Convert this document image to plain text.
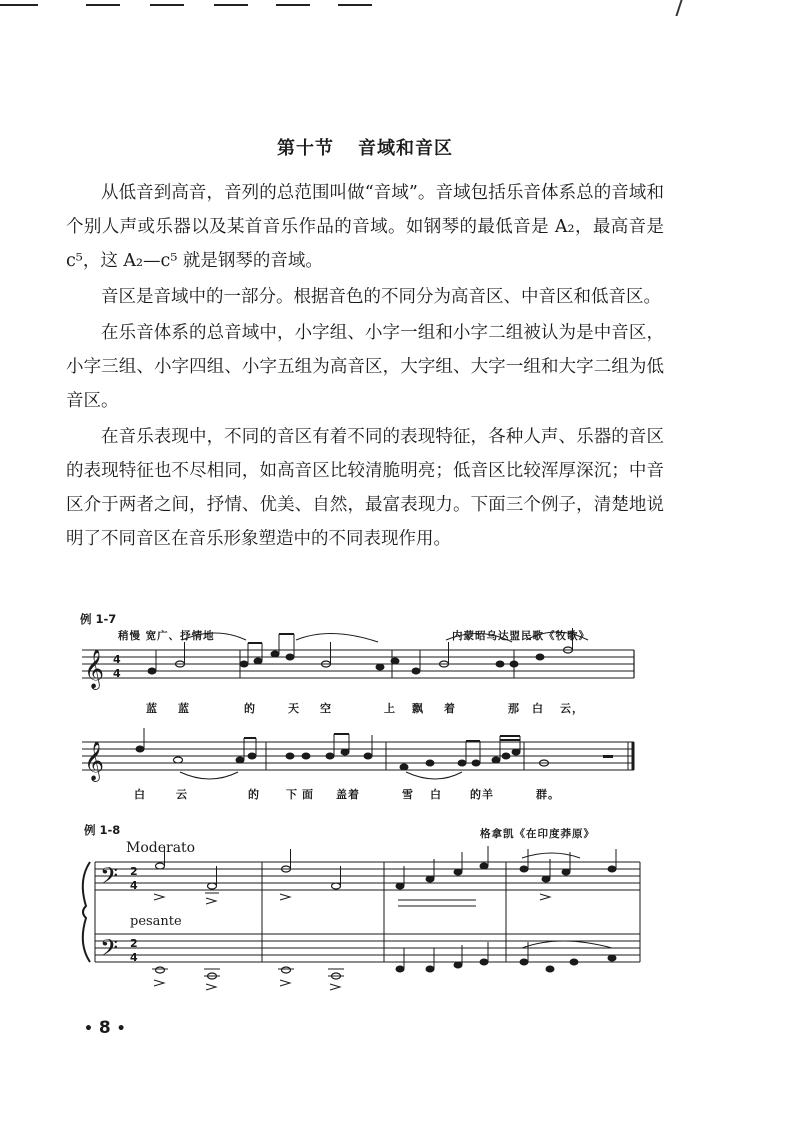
第十节 音域和音区

从低音到高音，音列的总范围叫做“音域”。音域包括乐音体系总的音域和个别人声或乐器以及某首音乐作品的音域。如钢琴的最低音是 A₂，最高音是 c⁵，这 A₂—c⁵ 就是钢琴的音域。

音区是音域中的一部分。根据音色的不同分为高音区、中音区和低音区。

在乐音体系的总音域中，小字组、小字一组和小字二组被认为是中音区，小字三组、小字四组、小字五组为高音区，大字组、大字一组和大字二组为低音区。

在音乐表现中，不同的音区有着不同的表现特征，各种人声、乐器的音区的表现特征也不尽相同，如高音区比较清脆明亮；低音区比较浑厚深沉；中音区介于两者之间，抒情、优美、自然，最富表现力。下面三个例子，清楚地说明了不同音区在音乐形象塑造中的不同表现作用。

例 1-7
稍慢 宽广、抒情地	内蒙昭乌达盟民歌《牧歌》
𝄞 4
4
𝄞
蓝 蓝	的	天 空	上 飘 着	那 白 云，
白	云	的 下 面 盖着	雪 白	的羊	群。
例 1-8	格拿凯《在印度莽原》
Moderato
pesante
𝄢
𝄢
2
4
2
4
• 8 •
